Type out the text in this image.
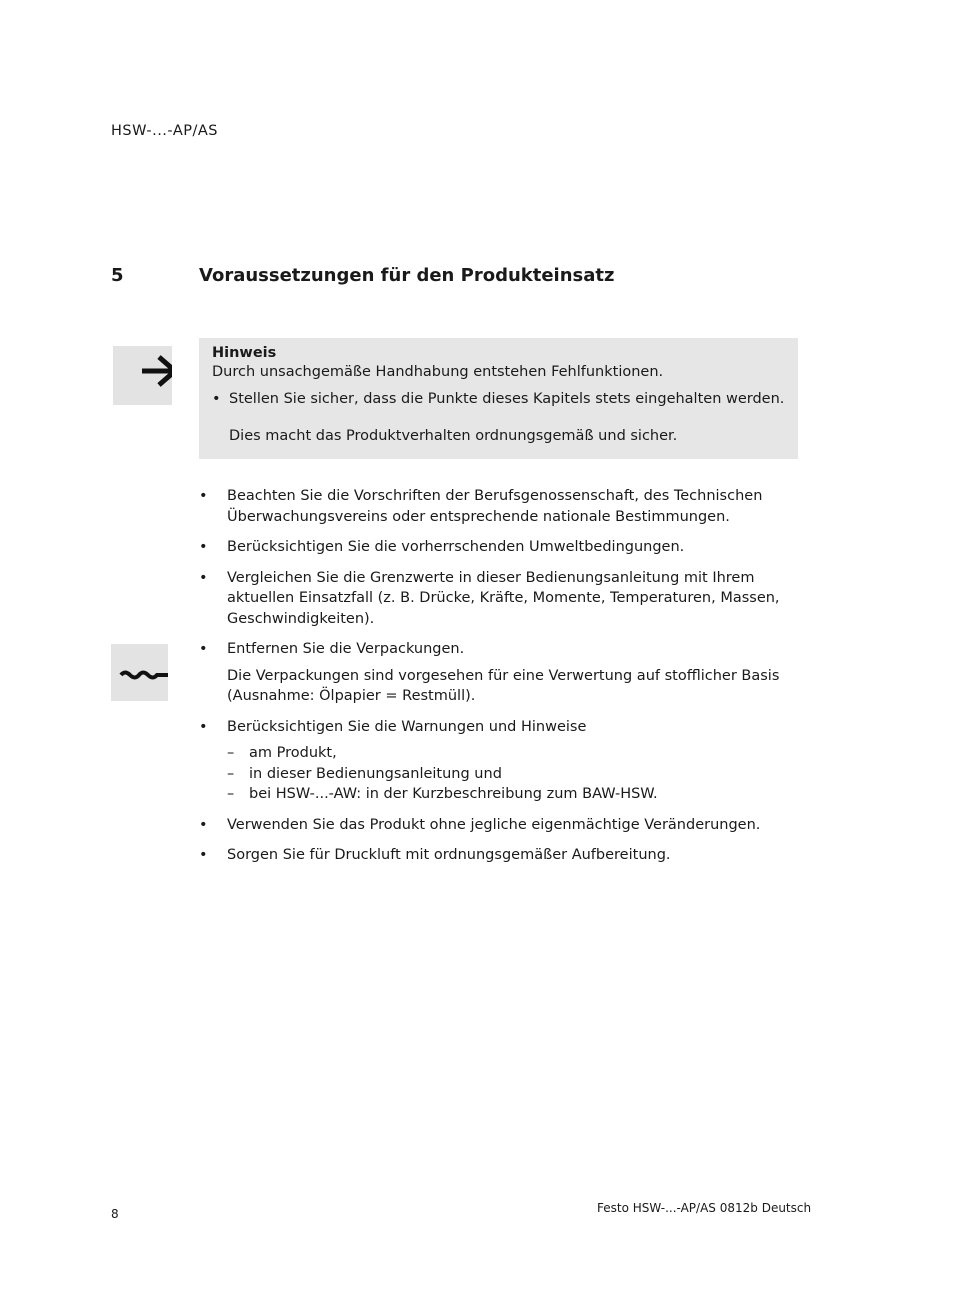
HSW-...-AP/AS
5	Voraussetzungen für den Produkteinsatz
Hinweis
Durch unsachgemäße Handhabung entstehen Fehlfunktionen.
• Stellen Sie sicher, dass die Punkte dieses Kapitels stets eingehalten werden.
Dies macht das Produktverhalten ordnungsgemäß und sicher.
• Beachten Sie die Vorschriften der Berufsgenossenschaft, des Technischen Überwachungsvereins oder entsprechende nationale Bestimmungen.

• Berücksichtigen Sie die vorherrschenden Umweltbedingungen.

• Vergleichen Sie die Grenzwerte in dieser Bedienungsanleitung mit Ihrem aktuellen Einsatzfall (z. B. Drücke, Kräfte, Momente, Temperaturen, Massen, Geschwindigkeiten).

• Entfernen Sie die Verpackungen.

Die Verpackungen sind vorgesehen für eine Verwertung auf stofflicher Basis (Ausnahme: Ölpapier = Restmüll).

• Berücksichtigen Sie die Warnungen und Hinweise

– am Produkt,
– in dieser Bedienungsanleitung und
– bei HSW-...-AW: in der Kurzbeschreibung zum BAW-HSW.
• Verwenden Sie das Produkt ohne jegliche eigenmächtige Veränderungen.

• Sorgen Sie für Druckluft mit ordnungsgemäßer Aufbereitung.

8	Festo HSW-...-AP/AS 0812b Deutsch
